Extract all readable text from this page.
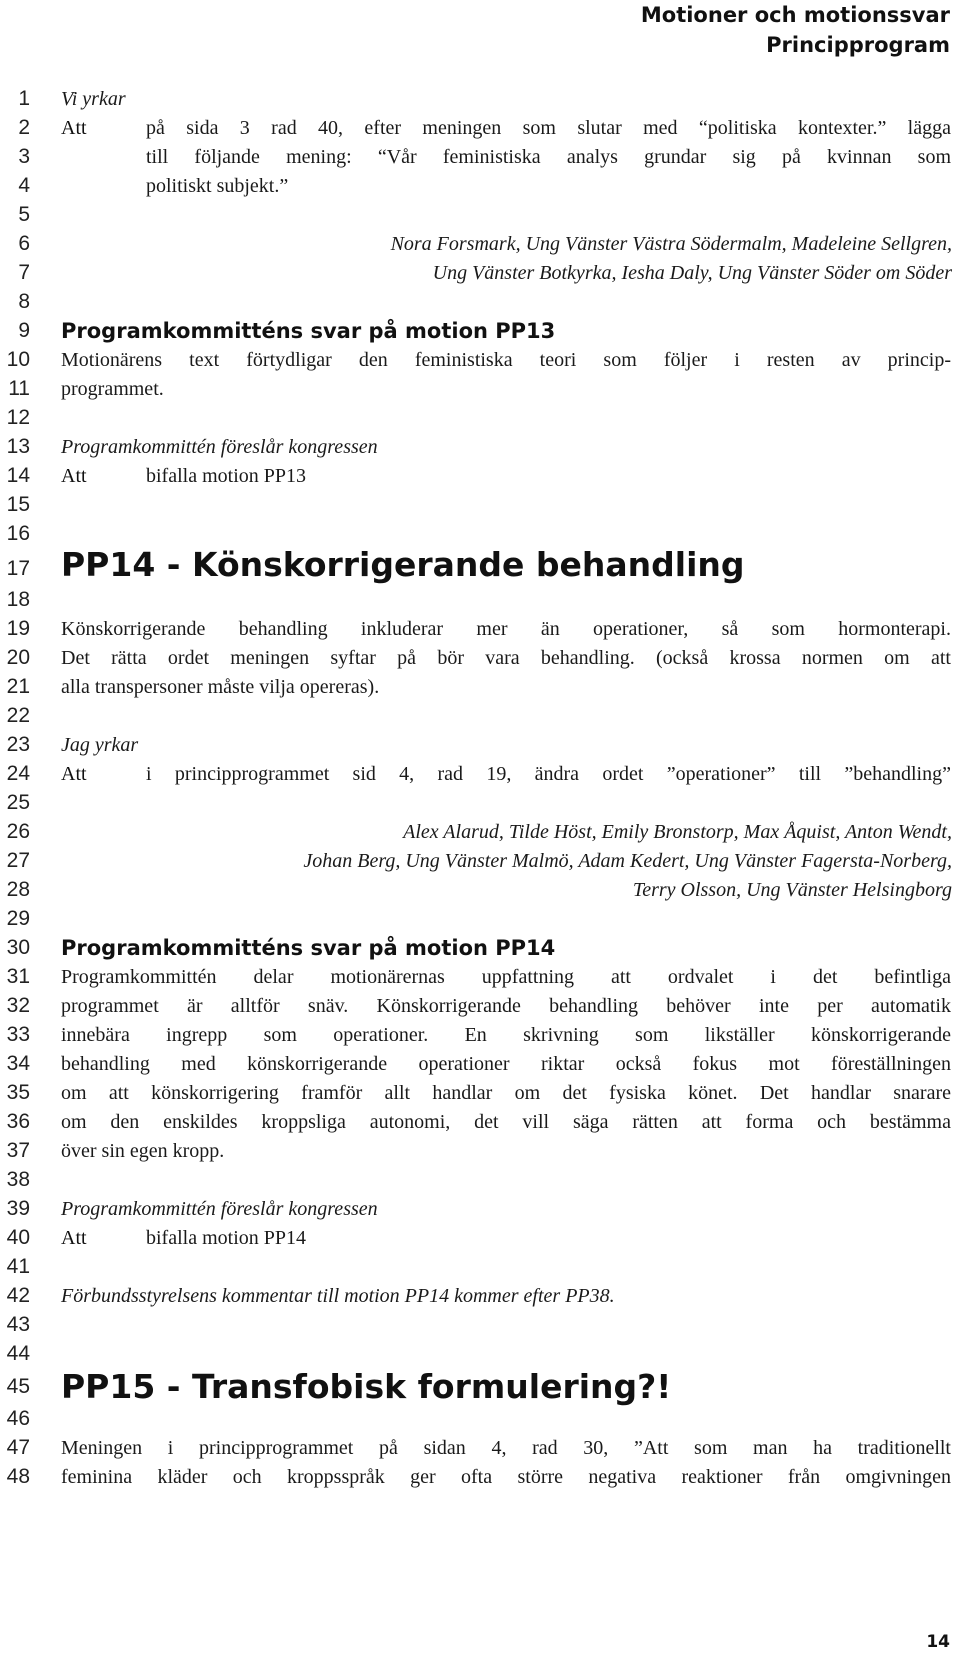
Motioner och motionssvar
Principprogram
1
2
3
4
5
6
7
8
9
10
11
12
13
14
15
16
17
18
19
20
21
22
23
24
25
26
27
28
29
30
31
32
33
34
35
36
37
38
39
40
41
42
43
44
45
46
47
48
Vi yrkar
Att	på sida 3 rad 40, efter meningen som slutar med “politiska kontexter.” lägga
till följande mening: “Vår feministiska analys grundar sig på kvinnan som
politiskt subjekt.”
Nora Forsmark, Ung Vänster Västra Södermalm, Madeleine Sellgren,
Ung Vänster Botkyrka, Iesha Daly, Ung Vänster Söder om Söder
Programkommitténs svar på motion PP13
Motionärens text förtydligar den feministiska teori som följer i resten av princip-
programmet.
Programkommittén föreslår kongressen
Att	bifalla motion PP13
PP14 - Könskorrigerande behandling
Könskorrigerande behandling inkluderar mer än operationer, så som hormonterapi.
Det rätta ordet meningen syftar på bör vara behandling. (också krossa normen om att
alla transpersoner måste vilja opereras).
Jag yrkar
Att	i principprogrammet sid 4, rad 19, ändra ordet ”operationer” till ”behandling”
Alex Alarud, Tilde Höst, Emily Bronstorp, Max Åquist, Anton Wendt,
Johan Berg, Ung Vänster Malmö, Adam Kedert, Ung Vänster Fagersta-Norberg,
Terry Olsson, Ung Vänster Helsingborg
Programkommitténs svar på motion PP14
Programkommittén delar motionärernas uppfattning att ordvalet i det befintliga
programmet är alltför snäv. Könskorrigerande behandling behöver inte per automatik
innebära ingrepp som operationer. En skrivning som likställer könskorrigerande
behandling med könskorrigerande operationer riktar också fokus mot föreställningen
om att könskorrigering framför allt handlar om det fysiska könet. Det handlar snarare
om den enskildes kroppsliga autonomi, det vill säga rätten att forma och bestämma
över sin egen kropp.
Programkommittén föreslår kongressen
Att	bifalla motion PP14
Förbundsstyrelsens kommentar till motion PP14 kommer efter PP38.
PP15 - Transfobisk formulering?!
Meningen i principprogrammet på sidan 4, rad 30, ”Att som man ha traditionellt
feminina kläder och kroppsspråk ger ofta större negativa reaktioner från omgivningen
14
